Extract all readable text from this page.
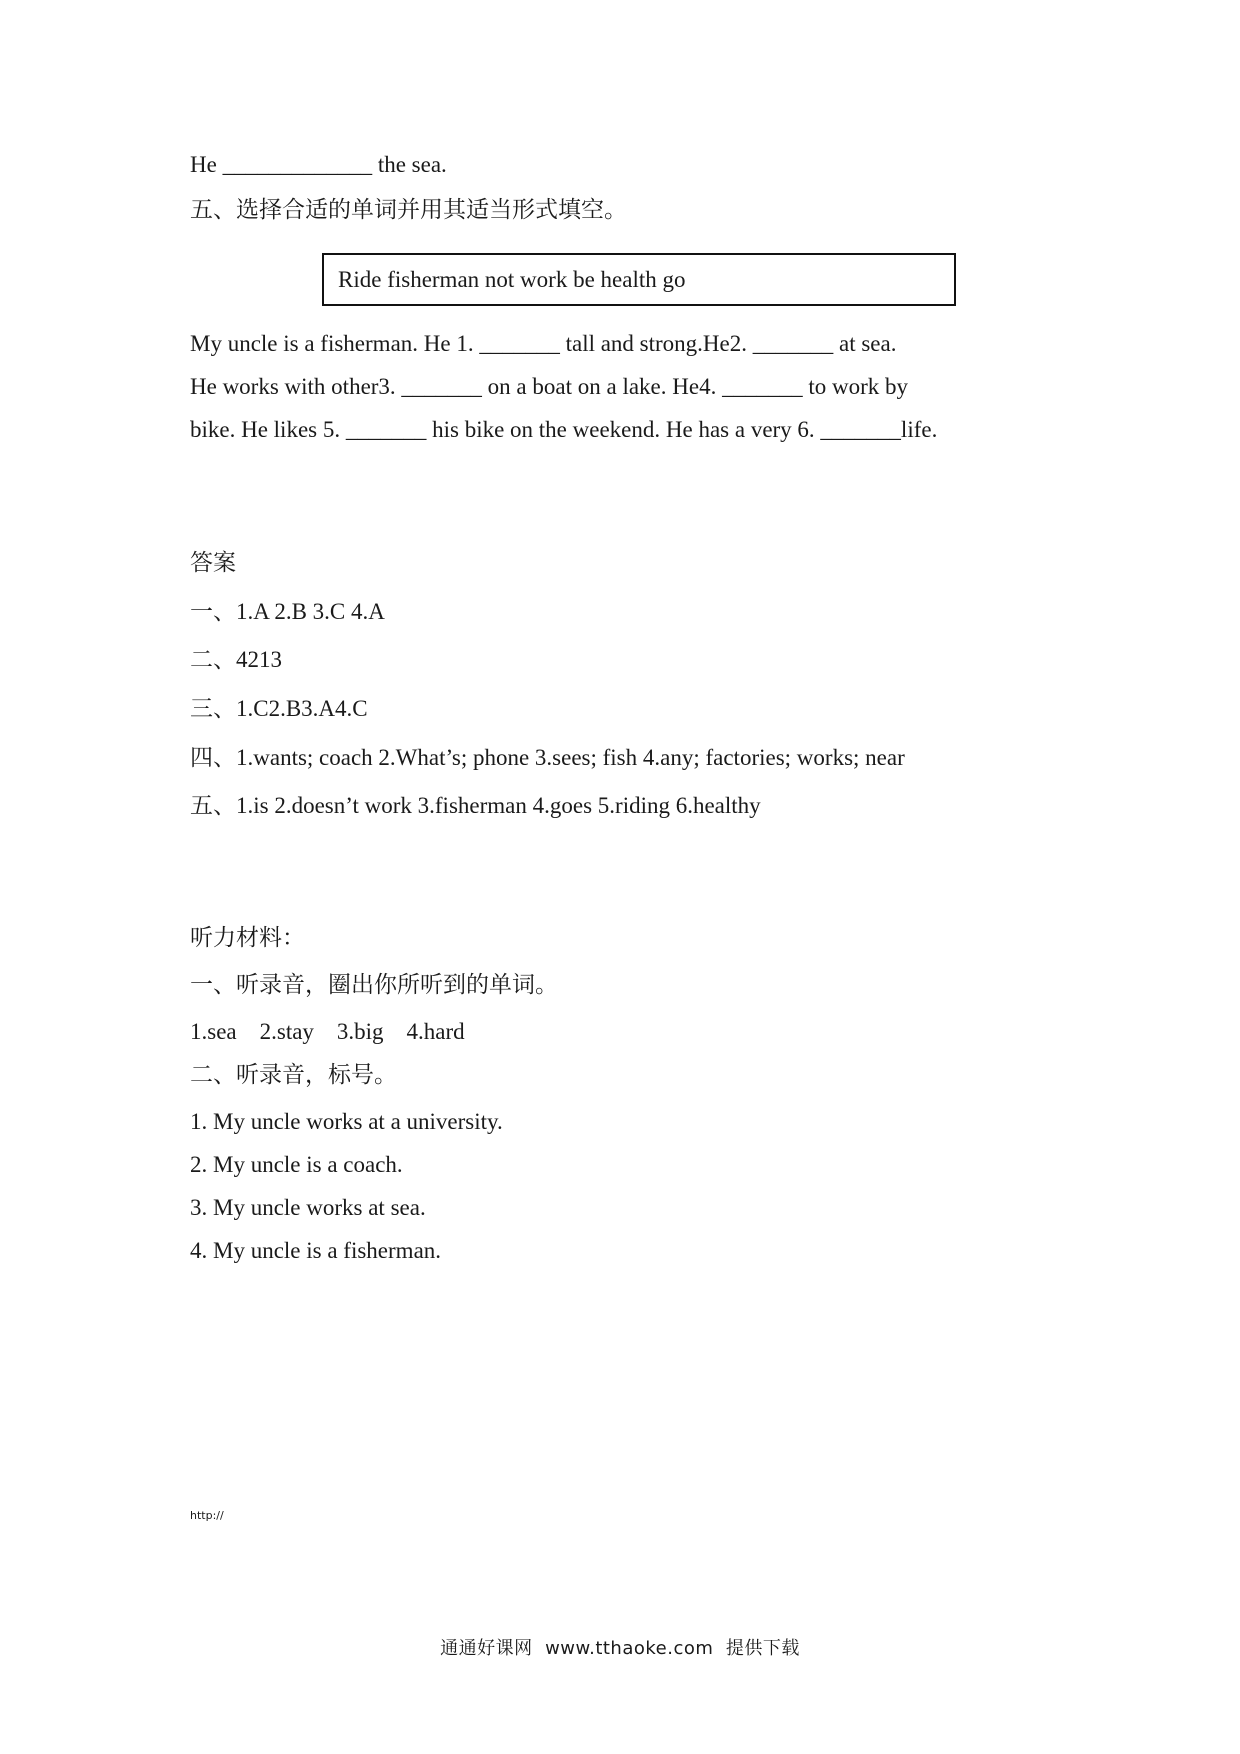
He _____________ the sea.
五、选择合适的单词并用其适当形式填空。
Ride fisherman not work be health go
My uncle is a fisherman. He 1. _______ tall and strong.He2. _______ at sea.
He works with other3. _______ on a boat on a lake. He4. _______ to work by
bike. He likes 5. _______ his bike on the weekend. He has a very 6. _______life.
答案
一、1.A 2.B 3.C 4.A
二、4213
三、1.C2.B3.A4.C
四、1.wants; coach 2.What’s; phone 3.sees; fish 4.any; factories; works; near
五、1.is 2.doesn’t work 3.fisherman 4.goes 5.riding 6.healthy
听力材料：
一、听录音，圈出你所听到的单词。
1.sea    2.stay    3.big    4.hard
二、听录音，标号。
1. My uncle works at a university.
2. My uncle is a coach.
3. My uncle works at sea.
4. My uncle is a fisherman.
http://
通通好课网  www.tthaoke.com  提供下载
